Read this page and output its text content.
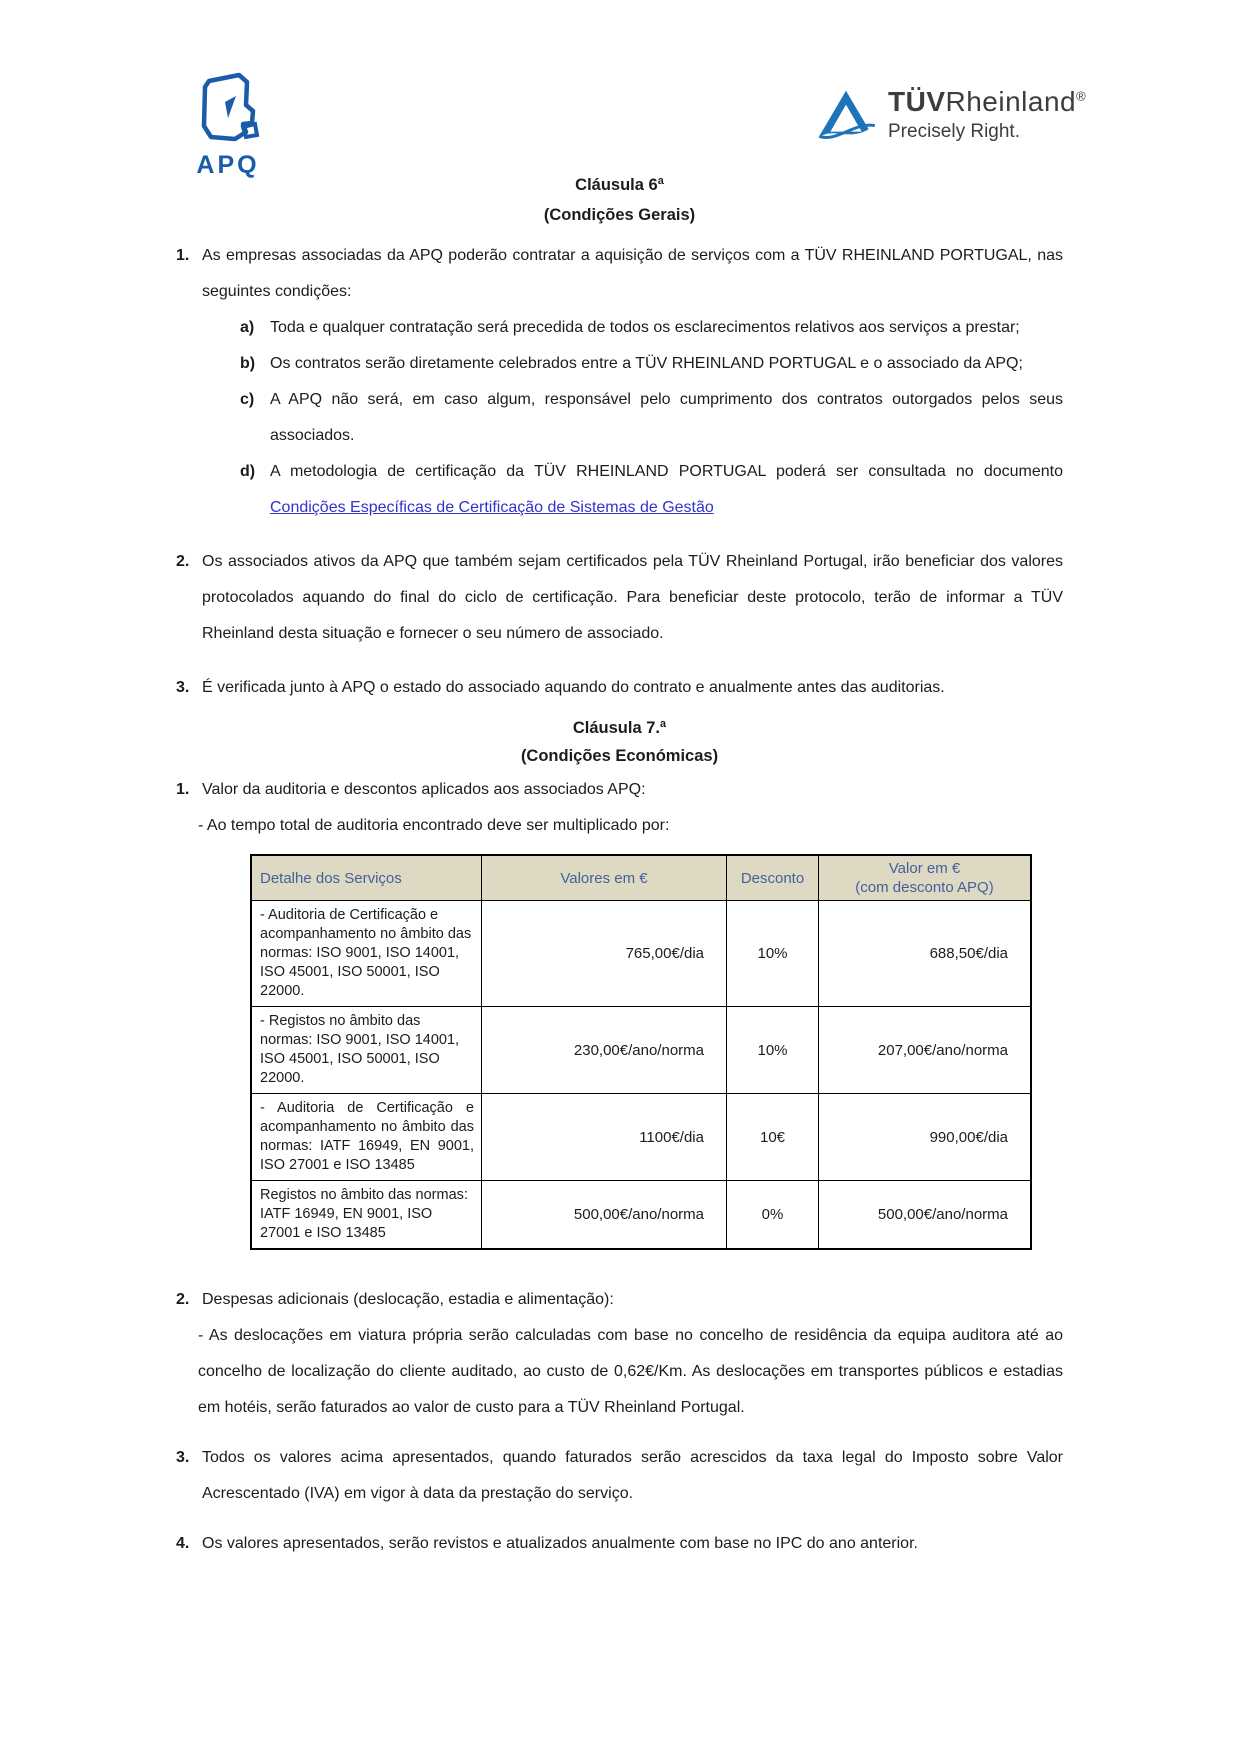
APQ
TÜVRheinland®
Precisely Right.
Cláusula 6ª
(Condições Gerais)
1. As empresas associadas da APQ poderão contratar a aquisição de serviços com a TÜV RHEINLAND PORTUGAL, nas seguintes condições:
a) Toda e qualquer contratação será precedida de todos os esclarecimentos relativos aos serviços a prestar;
b) Os contratos serão diretamente celebrados entre a TÜV RHEINLAND PORTUGAL e o associado da APQ;
c) A APQ não será, em caso algum, responsável pelo cumprimento dos contratos outorgados pelos seus associados.
d) A metodologia de certificação da TÜV RHEINLAND PORTUGAL poderá ser consultada no documento Condições Específicas de Certificação de Sistemas de Gestão
2. Os associados ativos da APQ que também sejam certificados pela TÜV Rheinland Portugal, irão beneficiar dos valores protocolados aquando do final do ciclo de certificação. Para beneficiar deste protocolo, terão de informar a TÜV Rheinland desta situação e fornecer o seu número de associado.
3. É verificada junto à APQ o estado do associado aquando do contrato e anualmente antes das auditorias.
Cláusula 7.ª
(Condições Económicas)
1. Valor da auditoria e descontos aplicados aos associados APQ:
- Ao tempo total de auditoria encontrado deve ser multiplicado por:
Detalhe dos Serviços	Valores em €	Desconto	Valor em €
(com desconto APQ)

- Auditoria de Certificação e acompanhamento no âmbito das normas: ISO 9001, ISO 14001, ISO 45001, ISO 50001, ISO 22000.	765,00€/dia	10%	688,50€/dia
- Registos no âmbito das normas: ISO 9001, ISO 14001, ISO 45001, ISO 50001, ISO 22000.	230,00€/ano/norma	10%	207,00€/ano/norma
- Auditoria de Certificação e acompanhamento no âmbito das normas: IATF 16949, EN 9001, ISO 27001 e ISO 13485	1100€/dia	10€	990,00€/dia
Registos no âmbito das normas: IATF 16949, EN 9001, ISO 27001 e ISO 13485	500,00€/ano/norma	0%	500,00€/ano/norma
2. Despesas adicionais (deslocação, estadia e alimentação):
- As deslocações em viatura própria serão calculadas com base no concelho de residência da equipa auditora até ao concelho de localização do cliente auditado, ao custo de 0,62€/Km. As deslocações em transportes públicos e estadias em hotéis, serão faturados ao valor de custo para a TÜV Rheinland Portugal.
3. Todos os valores acima apresentados, quando faturados serão acrescidos da taxa legal do Imposto sobre Valor Acrescentado (IVA) em vigor à data da prestação do serviço.
4. Os valores apresentados, serão revistos e atualizados anualmente com base no IPC do ano anterior.
